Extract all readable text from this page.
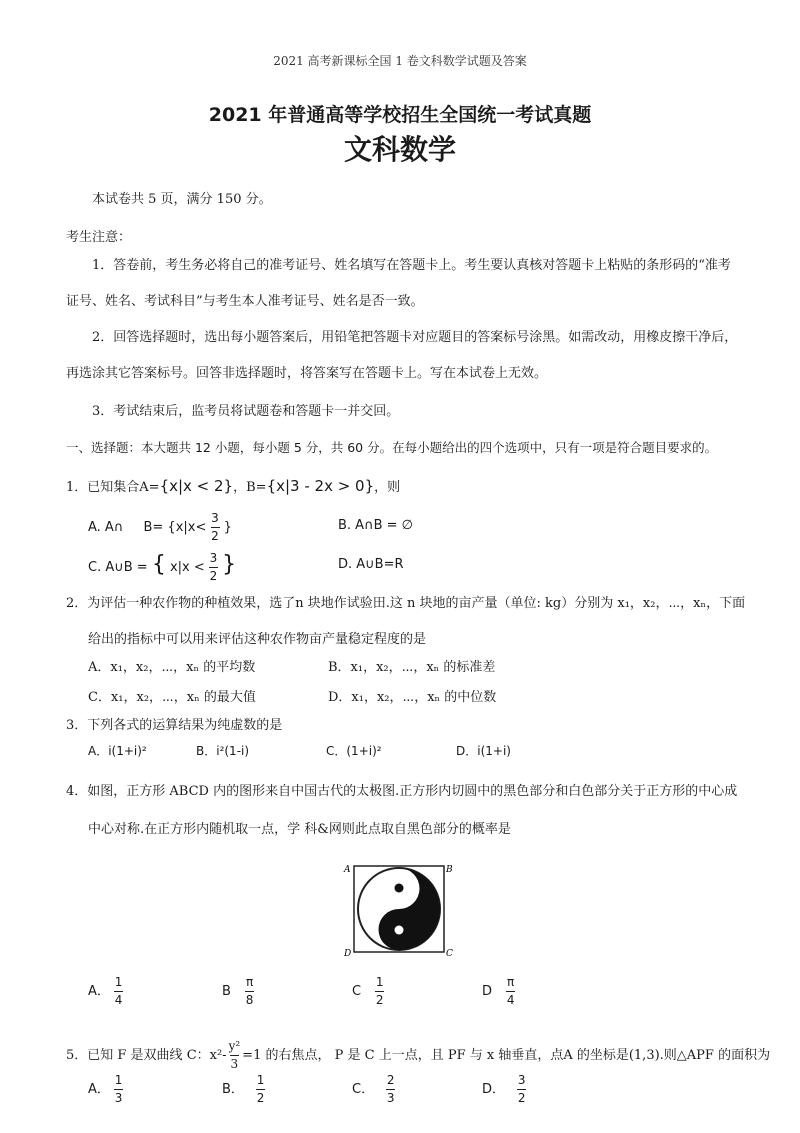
2021 高考新课标全国 1 卷文科数学试题及答案
2021 年普通高等学校招生全国统一考试真题
文科数学
本试卷共 5 页，满分 150 分。
考生注意：
1．答卷前，考生务必将自己的准考证号、姓名填写在答题卡上。考生要认真核对答题卡上粘贴的条形码的“准考
证号、姓名、考试科目”与考生本人准考证号、姓名是否一致。
2．回答选择题时，选出每小题答案后，用铅笔把答题卡对应题目的答案标号涂黑。如需改动，用橡皮擦干净后，
再选涂其它答案标号。回答非选择题时，将答案写在答题卡上。写在本试卷上无效。
3．考试结束后，监考员将试题卷和答题卡一并交回。
一、选择题：本大题共 12 小题，每小题 5 分，共 60 分。在每小题给出的四个选项中，只有一项是符合题目要求的。
1．已知集合A={x|x < 2}，B={x|3 - 2x > 0}，则
A. A∩ $B= \{x|x< \frac{3}{2}$ }	B. A∩B = ∅
C. A∪B = { $x|x < \frac{3}{2}$ }	D. A∪B=R
2．为评估一种农作物的种植效果，选了n 块地作试验田.这 n 块地的亩产量（单位: kg）分别为 x₁，x₂，⋯，xₙ，下面
给出的指标中可以用来评估这种农作物亩产量稳定程度的是
A．x₁，x₂，⋯，xₙ 的平均数	B．x₁，x₂，⋯，xₙ 的标准差
C．x₁，x₂，⋯，xₙ 的最大值	D．x₁，x₂，⋯，xₙ 的中位数
3．下列各式的运算结果为纯虚数的是
A．i(1+i)²	B．i²(1-i)	C．(1+i)²	D．i(1+i)
4．如图，正方形 ABCD 内的图形来自中国古代的太极图.正方形内切圆中的黑色部分和白色部分关于正方形的中心成
中心对称.在正方形内随机取一点，学 科&网则此点取自黑色部分的概率是
A	B
D	C
A． $\frac{1}{4}$	B $\frac{\pi}{8}$	C $\frac{1}{2}$	D $\frac{\pi}{4}$
5．已知 F 是双曲线 C：$x^2- \frac{\text{y²}}{3} =1$ 的右焦点， P 是 C 上一点，且 PF 与 x 轴垂直，点A 的坐标是(1,3).则△APF 的面积为
A． $\frac{1}{3}$	B． $\frac{1}{2}$	C． $\frac{2}{3}$	D． $\frac{3}{2}$
